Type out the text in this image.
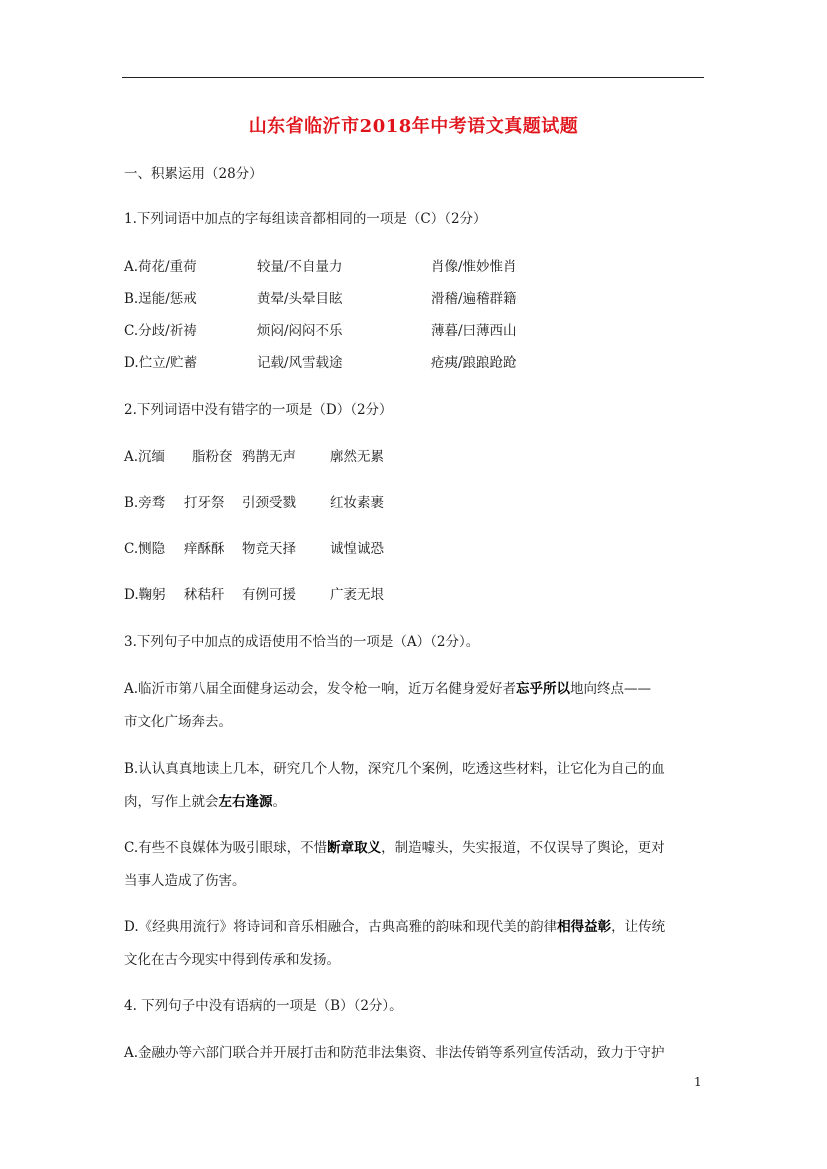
山东省临沂市2018年中考语文真题试题
一、积累运用（28分）
1.下列词语中加点的字每组读音都相同的一项是（C）（2分）
A.荷花/重荷	较量/不自量力	肖像/惟妙惟肖
B.逞能/惩戒	黄晕/头晕目眩	滑稽/遍稽群籍
C.分歧/祈祷	烦闷/闷闷不乐	薄暮/曰薄西山
D.伫立/贮蓄	记载/风雪载途	疮痍/踉踉跄跄
2.下列词语中没有错字的一项是（D）（2分）
A.沉缅 脂粉奁 鸦鹊无声	廓然无累
B.旁骛 打牙祭 引颈受戮	红妆素裹
C.恻隐 痒酥酥 物竞天择	诚惶诚恐
D.鞠躬 秫秸秆 有例可援	广袤无垠
3.下列句子中加点的成语使用不恰当的一项是（A）（2分）。
A.临沂市第八届全面健身运动会，发令枪一响，近万名健身爱好者忘乎所以地向终点——
市文化广场奔去。
B.认认真真地读上几本，研究几个人物，深究几个案例，吃透这些材料，让它化为自己的血
肉，写作上就会左右逢源。
C.有些不良媒体为吸引眼球，不惜断章取义，制造噱头，失实报道，不仅误导了舆论，更对
当事人造成了伤害。
D.《经典用流行》将诗词和音乐相融合，古典高雅的韵味和现代美的韵律相得益彰，让传统
文化在古今现实中得到传承和发扬。
4. 下列句子中没有语病的一项是（B）（2分）。
A.金融办等六部门联合并开展打击和防范非法集资、非法传销等系列宣传活动，致力于守护
1
